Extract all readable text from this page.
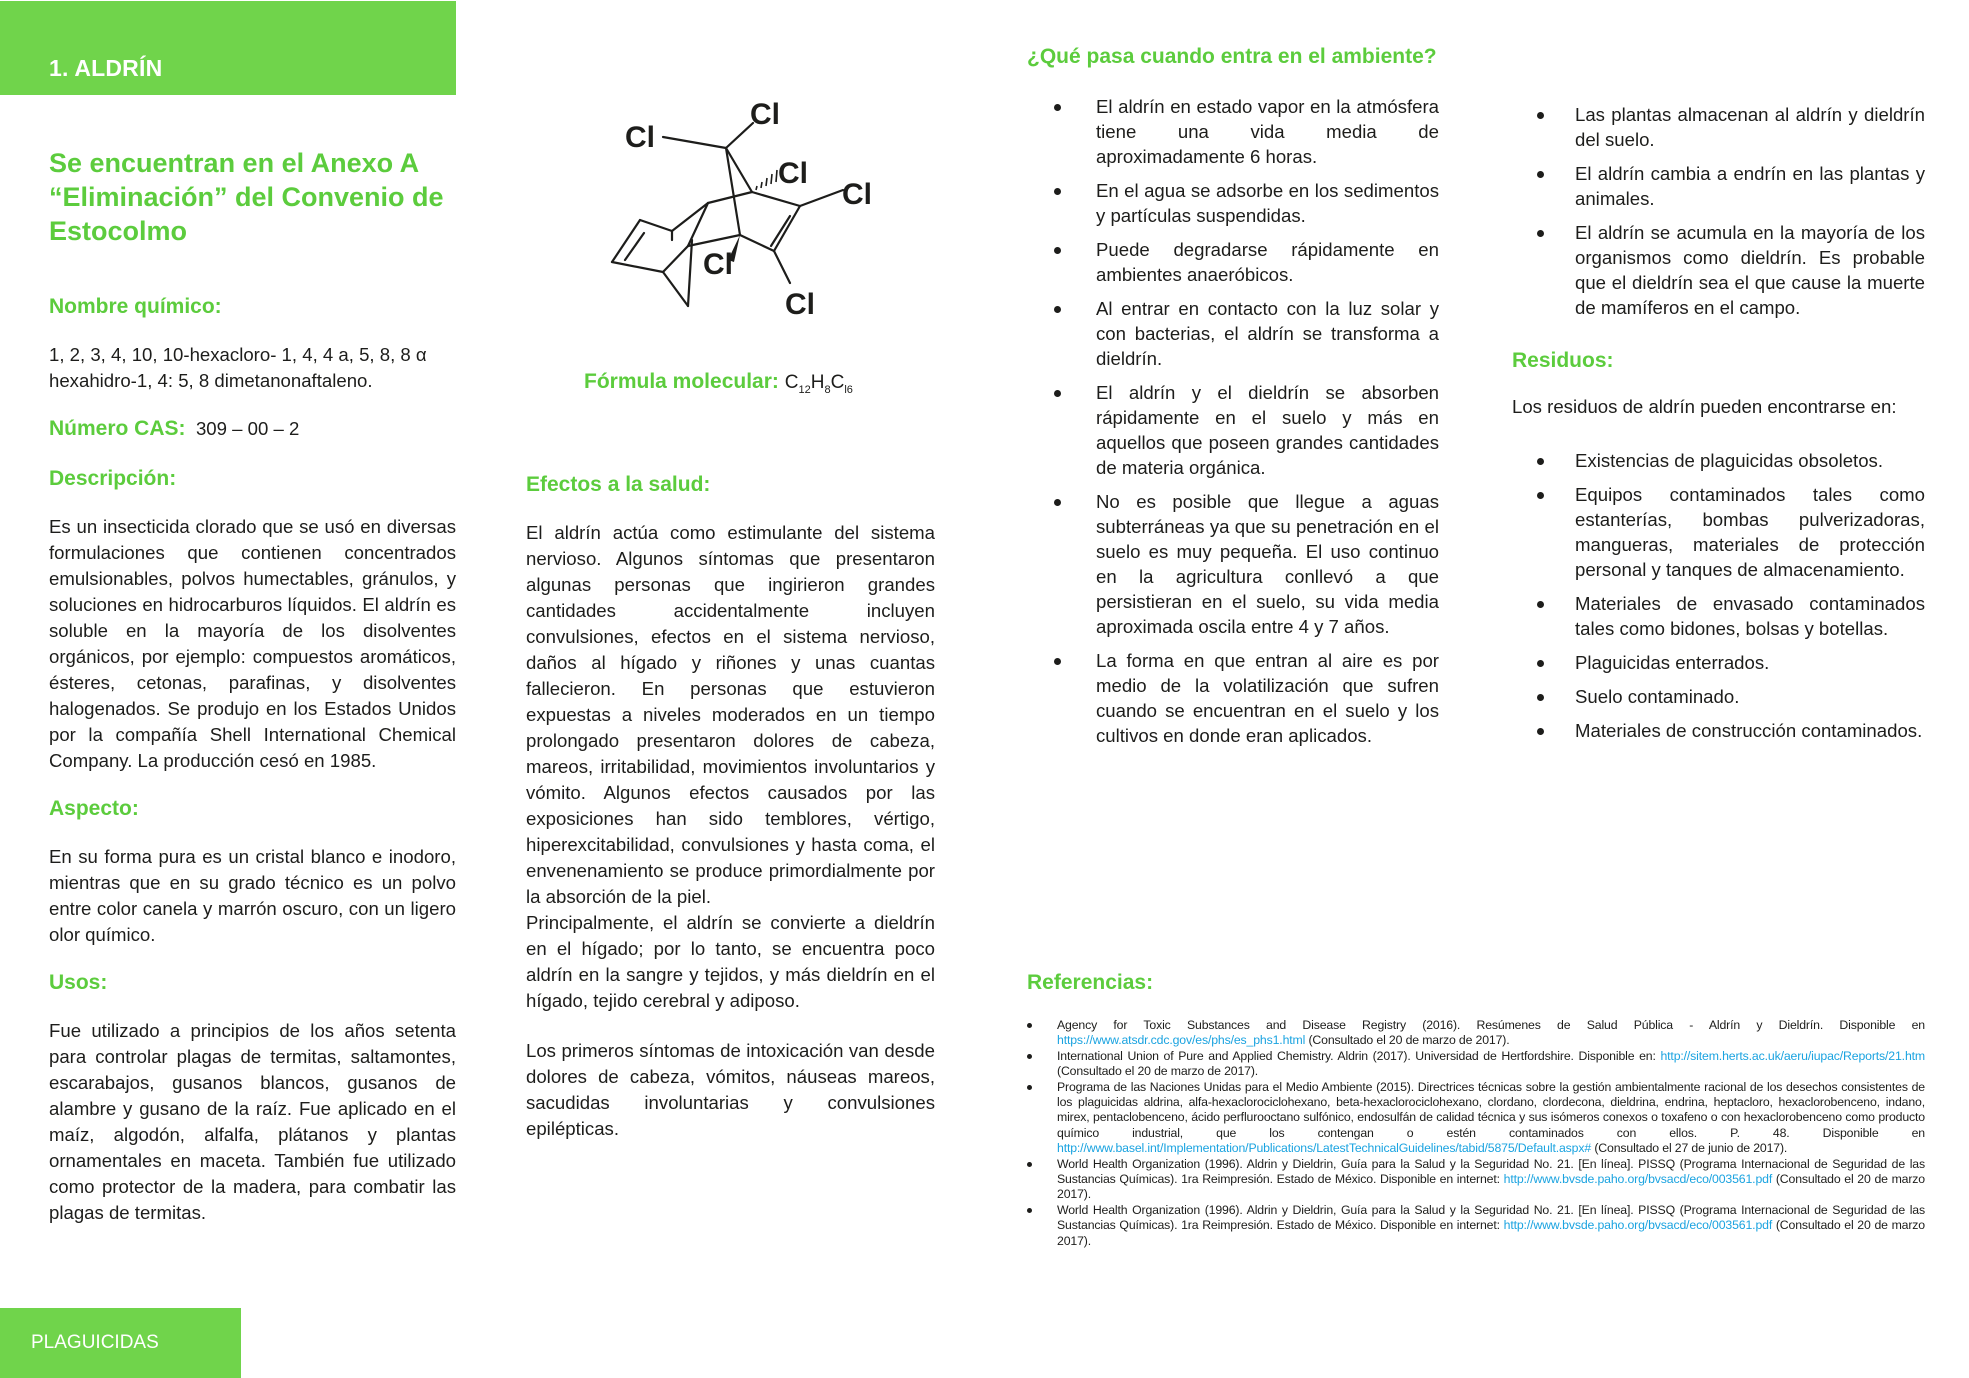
1. ALDRÍN
Se encuentran en el Anexo A “Eliminación” del Convenio de Estocolmo
Nombre químico:
1, 2, 3, 4, 10, 10-hexacloro- 1, 4, 4 a, 5, 8, 8 α hexahidro-1, 4: 5, 8 dimetanonaftaleno.
Número CAS: 309 – 00 – 2
Descripción:
Es un insecticida clorado que se usó en diversas formulaciones que contienen concentrados emulsionables, polvos humectables, gránulos, y soluciones en hidrocarburos líquidos. El aldrín es soluble en la mayoría de los disolventes orgánicos, por ejemplo: compuestos aromáticos, ésteres, cetonas, parafinas, y disolventes halogenados. Se produjo en los Estados Unidos por la compañía Shell International Chemical Company. La producción cesó en 1985.
Aspecto:
En su forma pura es un cristal blanco e inodoro, mientras que en su grado técnico es un polvo entre color canela y marrón oscuro, con un ligero olor químico.
Usos:
Fue utilizado a principios de los años setenta para controlar plagas de termitas, saltamontes, escarabajos, gusanos blancos, gusanos de alambre y gusano de la raíz. Fue aplicado en el maíz, algodón, alfalfa, plátanos y plantas ornamentales en maceta. También fue utilizado como protector de la madera, para combatir las plagas de termitas.
Cl
Cl
Cl
Cl
Cl
Cl
Fórmula molecular: $C_{12}H_8C_{l6}$
Efectos a la salud:
El aldrín actúa como estimulante del sistema nervioso. Algunos síntomas que presentaron algunas personas que ingirieron grandes cantidades accidentalmente incluyen convulsiones, efectos en el sistema nervioso, daños al hígado y riñones y unas cuantas fallecieron. En personas que estuvieron expuestas a niveles moderados en un tiempo prolongado presentaron dolores de cabeza, mareos, irritabilidad, movimientos involuntarios y vómito. Algunos efectos causados por las exposiciones han sido temblores, vértigo, hiperexcitabilidad, convulsiones y hasta coma, el envenenamiento se produce primordialmente por la absorción de la piel.
Principalmente, el aldrín se convierte a dieldrín en el hígado; por lo tanto, se encuentra poco aldrín en la sangre y tejidos, y más dieldrín en el hígado, tejido cerebral y adiposo.
Los primeros síntomas de intoxicación van desde dolores de cabeza, vómitos, náuseas mareos, sacudidas involuntarias y convulsiones epilépticas.
¿Qué pasa cuando entra en el ambiente?
El aldrín en estado vapor en la atmósfera tiene una vida media de aproximadamente 6 horas.
En el agua se adsorbe en los sedimentos y partículas suspendidas.
Puede degradarse rápidamente en ambientes anaeróbicos.
Al entrar en contacto con la luz solar y con bacterias, el aldrín se transforma a dieldrín.
El aldrín y el dieldrín se absorben rápidamente en el suelo y más en aquellos que poseen grandes cantidades de materia orgánica.
No es posible que llegue a aguas subterráneas ya que su penetración en el suelo es muy pequeña. El uso continuo en la agricultura conllevó a que persistieran en el suelo, su vida media aproximada oscila entre 4 y 7 años.
La forma en que entran al aire es por medio de la volatilización que sufren cuando se encuentran en el suelo y los cultivos en donde eran aplicados.
Las plantas almacenan al aldrín y dieldrín del suelo.
El aldrín cambia a endrín en las plantas y animales.
El aldrín se acumula en la mayoría de los organismos como dieldrín. Es probable que el dieldrín sea el que cause la muerte de mamíferos en el campo.
Residuos:
Los residuos de aldrín pueden encontrarse en:
Existencias de plaguicidas obsoletos.
Equipos contaminados tales como estanterías, bombas pulverizadoras, mangueras, materiales de protección personal y tanques de almacenamiento.
Materiales de envasado contaminados tales como bidones, bolsas y botellas.
Plaguicidas enterrados.
Suelo contaminado.
Materiales de construcción contaminados.
Referencias:
Agency for Toxic Substances and Disease Registry (2016). Resúmenes de Salud Pública - Aldrín y Dieldrín. Disponible en https://www.atsdr.cdc.gov/es/phs/es_phs1.html (Consultado el 20 de marzo de 2017).
International Union of Pure and Applied Chemistry. Aldrin (2017). Universidad de Hertfordshire. Disponible en: http://sitem.herts.ac.uk/aeru/iupac/Reports/21.htm (Consultado el 20 de marzo de 2017).
Programa de las Naciones Unidas para el Medio Ambiente (2015). Directrices técnicas sobre la gestión ambientalmente racional de los desechos consistentes de los plaguicidas aldrina, alfa-hexaclorociclohexano, beta-hexaclorociclohexano, clordano, clordecona, dieldrina, endrina, heptacloro, hexaclorobenceno, indano, mirex, pentaclobenceno, ácido perflurooctano sulfónico, endosulfán de calidad técnica y sus isómeros conexos o toxafeno o con hexaclorobenceno como producto químico industrial, que los contengan o estén contaminados con ellos. P. 48. Disponible en http://www.basel.int/Implementation/Publications/LatestTechnicalGuidelines/tabid/5875/Default.aspx# (Consultado el 27 de junio de 2017).
World Health Organization (1996). Aldrin y Dieldrin, Guía para la Salud y la Seguridad No. 21. [En línea]. PISSQ (Programa Internacional de Seguridad de las Sustancias Químicas). 1ra Reimpresión. Estado de México. Disponible en internet: http://www.bvsde.paho.org/bvsacd/eco/003561.pdf (Consultado el 20 de marzo 2017).
World Health Organization (1996). Aldrin y Dieldrin, Guía para la Salud y la Seguridad No. 21. [En línea]. PISSQ (Programa Internacional de Seguridad de las Sustancias Químicas). 1ra Reimpresión. Estado de México. Disponible en internet: http://www.bvsde.paho.org/bvsacd/eco/003561.pdf (Consultado el 20 de marzo 2017).
PLAGUICIDAS
